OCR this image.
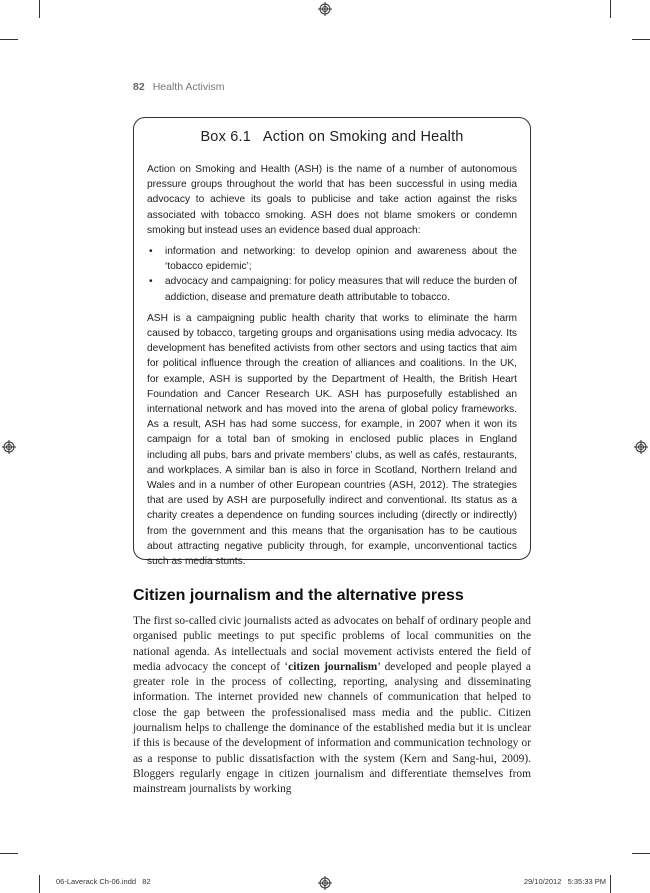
82 Health Activism
Box 6.1   Action on Smoking and Health

Action on Smoking and Health (ASH) is the name of a number of autonomous pressure groups throughout the world that has been successful in using media advocacy to achieve its goals to publicise and take action against the risks associated with tobacco smoking. ASH does not blame smokers or condemn smoking but instead uses an evidence based dual approach:

• information and networking: to develop opinion and awareness about the ‘tobacco epidemic’;
• advocacy and campaigning: for policy measures that will reduce the burden of addiction, disease and premature death attributable to tobacco.

ASH is a campaigning public health charity that works to eliminate the harm caused by tobacco, targeting groups and organisations using media advocacy. Its development has benefited activists from other sectors and using tactics that aim for political influence through the creation of alliances and coalitions. In the UK, for example, ASH is supported by the Department of Health, the British Heart Foundation and Cancer Research UK. ASH has purposefully established an international network and has moved into the arena of global policy frameworks. As a result, ASH has had some success, for example, in 2007 when it won its campaign for a total ban of smoking in enclosed public places in England including all pubs, bars and private members’ clubs, as well as cafés, restaurants, and workplaces. A similar ban is also in force in Scotland, Northern Ireland and Wales and in a number of other European countries (ASH, 2012). The strategies that are used by ASH are purposefully indirect and conventional. Its status as a charity creates a dependence on funding sources including (directly or indirectly) from the government and this means that the organisation has to be cautious about attracting negative publicity through, for example, unconventional tactics such as media stunts.

Citizen journalism and the alternative press
The first so-called civic journalists acted as advocates on behalf of ordinary people and organised public meetings to put specific problems of local communities on the national agenda. As intellectuals and social movement activists entered the field of media advocacy the concept of ‘citizen journalism’ developed and people played a greater role in the process of collecting, reporting, analysing and disseminating information. The internet provided new channels of communication that helped to close the gap between the professionalised mass media and the public. Citizen journalism helps to challenge the dominance of the established media but it is unclear if this is because of the development of information and communication technology or as a response to public dissatisfaction with the system (Kern and Sang-hui, 2009). Bloggers regularly engage in citizen journalism and differentiate themselves from mainstream journalists by working
06-Laverack Ch-06.indd   82	29/10/2012   5:35:33 PM
